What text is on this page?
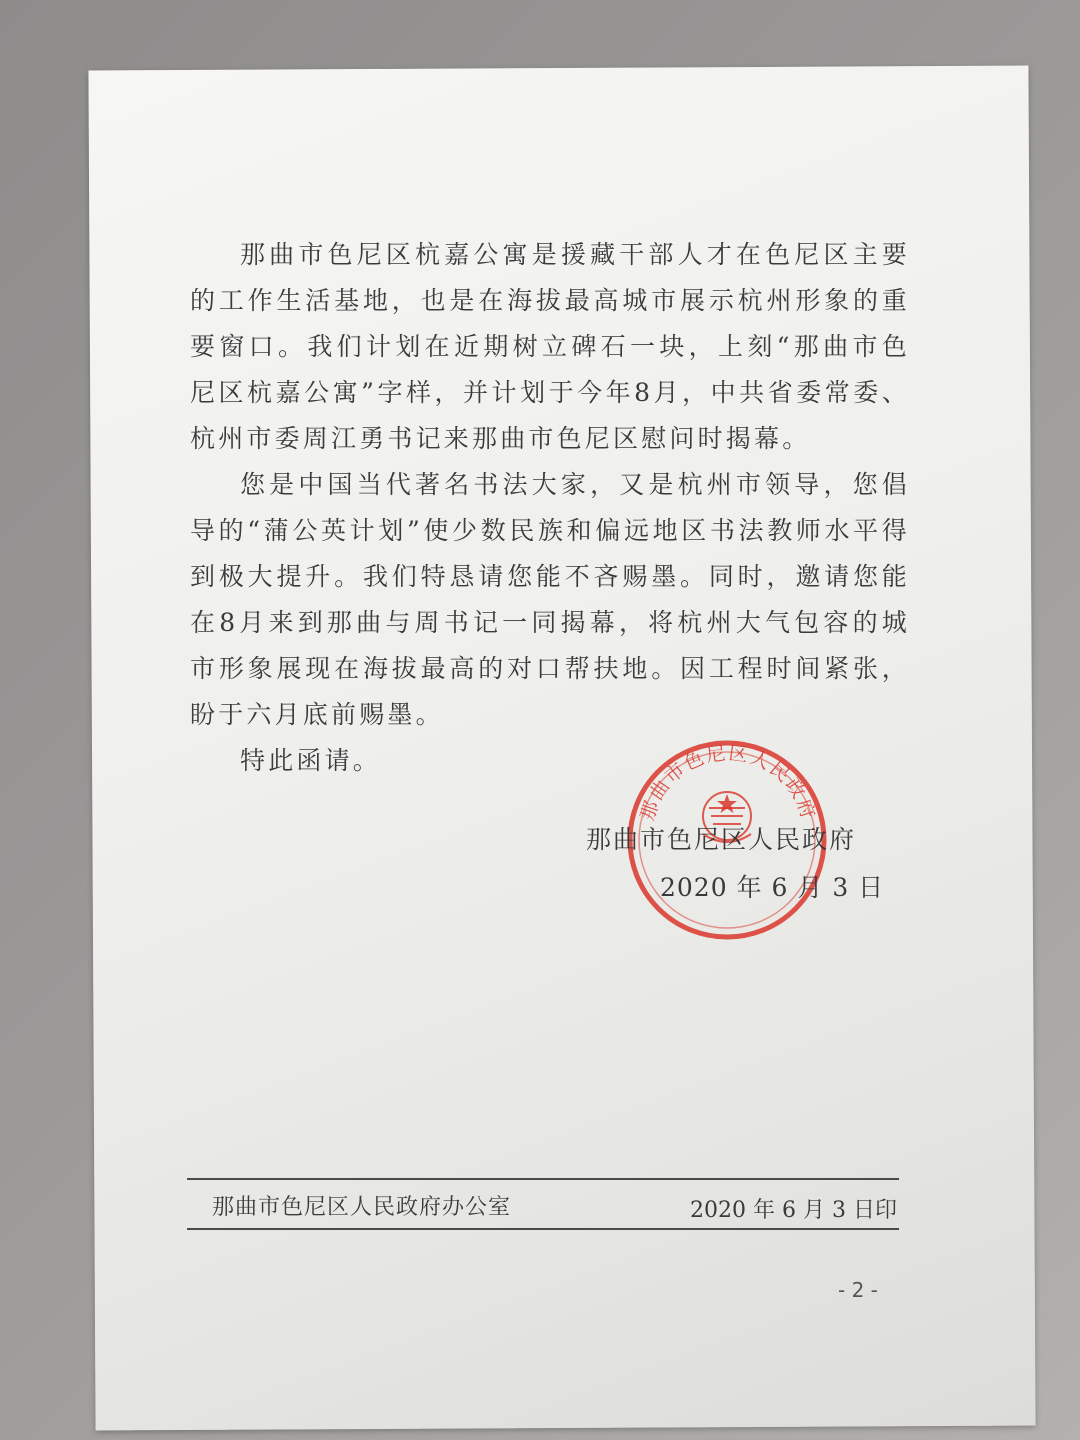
那曲市色尼区杭嘉公寓是援藏干部人才在色尼区主要的工作生活基地，也是在海拔最高城市展示杭州形象的重要窗口。我们计划在近期树立碑石一块，上刻“那曲市色尼区杭嘉公寓”字样，并计划于今年8月，中共省委常委、杭州市委周江勇书记来那曲市色尼区慰问时揭幕。

您是中国当代著名书法大家，又是杭州市领导，您倡导的“蒲公英计划”使少数民族和偏远地区书法教师水平得到极大提升。我们特恳请您能不吝赐墨。同时，邀请您能在8月来到那曲与周书记一同揭幕，将杭州大气包容的城市形象展现在海拔最高的对口帮扶地。因工程时间紧张，盼于六月底前赐墨。

特此函请。

那曲市色尼区人民政府
那曲市色尼区人民政府
2020 年 6 月 3 日
那曲市色尼区人民政府办公室	2020 年 6 月 3 日印
- 2 -
